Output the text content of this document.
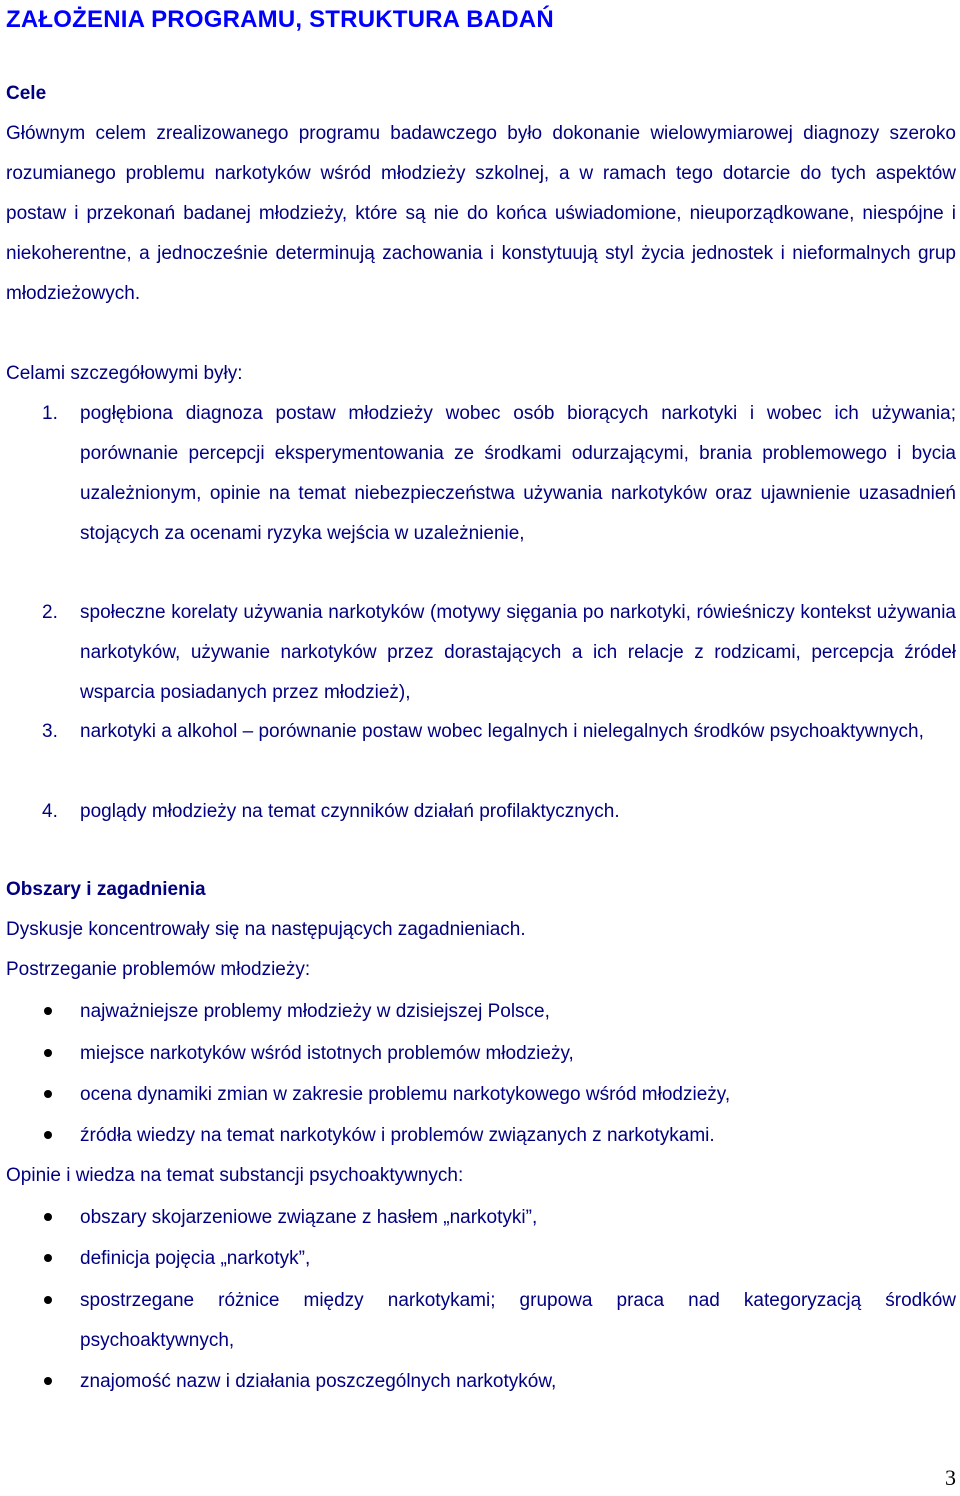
ZAŁOŻENIA PROGRAMU, STRUKTURA BADAŃ
Cele
Głównym celem zrealizowanego programu badawczego było dokonanie wielowymiarowej diagnozy szeroko rozumianego problemu narkotyków wśród młodzieży szkolnej, a w ramach tego dotarcie do tych aspektów postaw i przekonań badanej młodzieży, które są nie do końca uświadomione, nieuporządkowane, niespójne i niekoherentne, a jednocześnie determinują zachowania i konstytuują styl życia jednostek i nieformalnych grup młodzieżowych.
Celami szczegółowymi były:
1. pogłębiona diagnoza postaw młodzieży wobec osób biorących narkotyki i wobec ich używania; porównanie percepcji eksperymentowania ze środkami odurzającymi, brania problemowego i bycia uzależnionym, opinie na temat niebezpieczeństwa używania narkotyków oraz ujawnienie uzasadnień stojących za ocenami ryzyka wejścia w uzależnienie,
2. społeczne korelaty używania narkotyków (motywy sięgania po narkotyki, rówieśniczy kontekst używania narkotyków, używanie narkotyków przez dorastających a ich relacje z rodzicami, percepcja źródeł wsparcia posiadanych przez młodzież),
3. narkotyki a alkohol – porównanie postaw wobec legalnych i nielegalnych środków psychoaktywnych,
4. poglądy młodzieży na temat czynników działań profilaktycznych.
Obszary i zagadnienia
Dyskusje koncentrowały się na następujących zagadnieniach.
Postrzeganie problemów młodzieży:
najważniejsze problemy młodzieży w dzisiejszej Polsce,
miejsce narkotyków wśród istotnych problemów młodzieży,
ocena dynamiki zmian w zakresie problemu narkotykowego wśród młodzieży,
źródła wiedzy na temat narkotyków i problemów związanych z narkotykami.
Opinie i wiedza na temat substancji psychoaktywnych:
obszary skojarzeniowe związane z hasłem „narkotyki”,
definicja pojęcia „narkotyk”,
spostrzegane różnice między narkotykami; grupowa praca nad kategoryzacją środków psychoaktywnych,
znajomość nazw i działania poszczególnych narkotyków,
3
